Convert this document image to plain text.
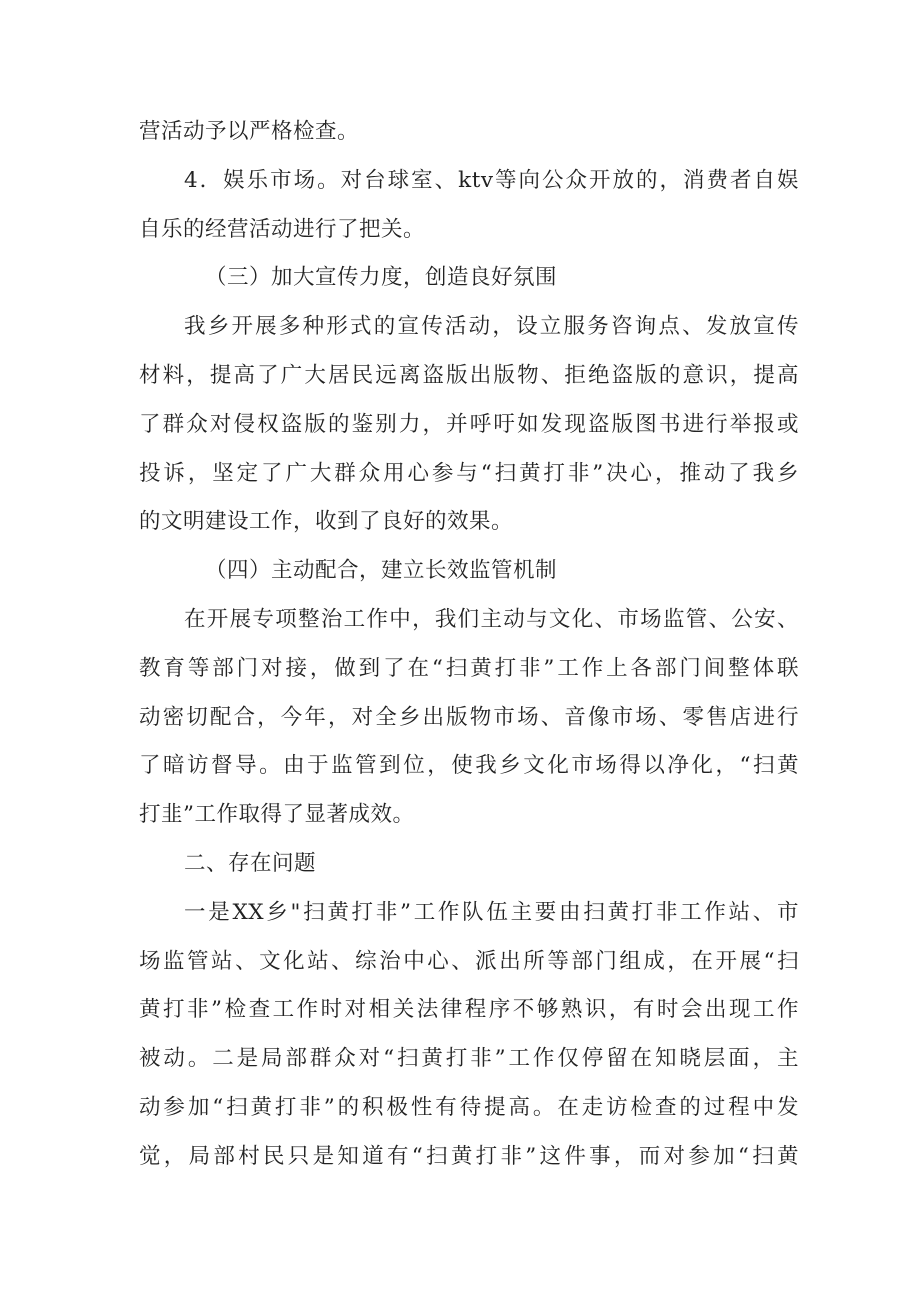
营活动予以严格检查。
4．娱乐市场。对台球室、ktv等向公众开放的，消费者自娱
自乐的经营活动进行了把关。
（三）加大宣传力度，创造良好氛围
我乡开展多种形式的宣传活动，设立服务咨询点、发放宣传
材料，提高了广大居民远离盗版出版物、拒绝盗版的意识，提高
了群众对侵权盗版的鉴别力，并呼吁如发现盗版图书进行举报或
投诉，坚定了广大群众用心参与“扫黄打非”决心，推动了我乡
的文明建设工作，收到了良好的效果。
（四）主动配合，建立长效监管机制
在开展专项整治工作中，我们主动与文化、市场监管、公安、
教育等部门对接，做到了在“扫黄打非”工作上各部门间整体联
动密切配合，今年，对全乡出版物市场、音像市场、零售店进行
了暗访督导。由于监管到位，使我乡文化市场得以净化，“扫黄
打韭”工作取得了显著成效。
二、存在问题
一是XX乡"扫黄打非”工作队伍主要由扫黄打非工作站、市
场监管站、文化站、综治中心、派出所等部门组成，在开展“扫
黄打非”检查工作时对相关法律程序不够熟识，有时会出现工作
被动。二是局部群众对“扫黄打非”工作仅停留在知晓层面，主
动参加“扫黄打非”的积极性有待提高。在走访检查的过程中发
觉，局部村民只是知道有“扫黄打非”这件事，而对参加“扫黄
